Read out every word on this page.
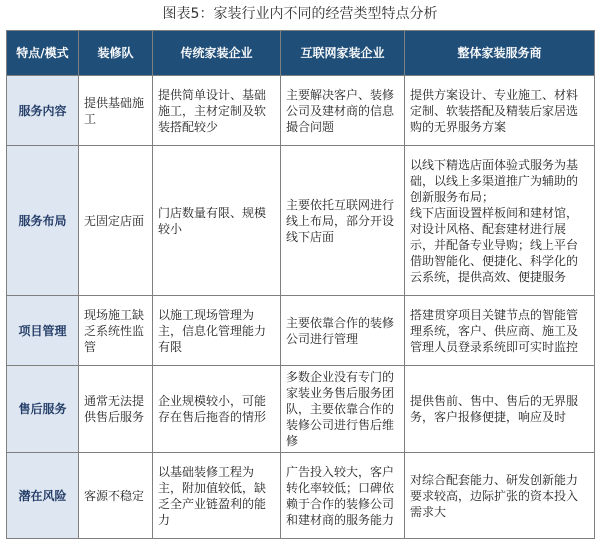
图表5：家装行业内不同的经营类型特点分析
特点/模式	装修队	传统家装企业	互联网家装企业	整体家装服务商
服务内容	提供基础施工	提供简单设计、基础施工，主材定制及软装搭配较少	主要解决客户、装修公司及建材商的信息撮合问题	提供方案设计、专业施工、材料定制、软装搭配及精装后家居选购的无界服务方案
服务布局	无固定店面	门店数量有限、规模较小	主要依托互联网进行线上布局，部分开设线下店面	以线下精选店面体验式服务为基础，以线上多渠道推广为辅助的创新服务布局；
线下店面设置样板间和建材馆，对设计风格、配套建材进行展示，并配备专业导购；线上平台借助智能化、便捷化、科学化的云系统，提供高效、便捷服务
项目管理	现场施工缺乏系统性监管	以施工现场管理为主，信息化管理能力有限	主要依靠合作的装修公司进行管理	搭建贯穿项目关键节点的智能管理系统，客户、供应商、施工及管理人员登录系统即可实时监控
售后服务	通常无法提供售后服务	企业规模较小，可能存在售后拖沓的情形	多数企业没有专门的家装业务售后服务团队，主要依靠合作的装修公司进行售后维修	提供售前、售中、售后的无界服务，客户报修便捷，响应及时
潜在风险	客源不稳定	以基础装修工程为主，附加值较低，缺乏全产业链盈利的能力	广告投入较大，客户转化率较低；口碑依赖于合作的装修公司和建材商的服务能力	对综合配套能力、研发创新能力要求较高，边际扩张的资本投入需求大
